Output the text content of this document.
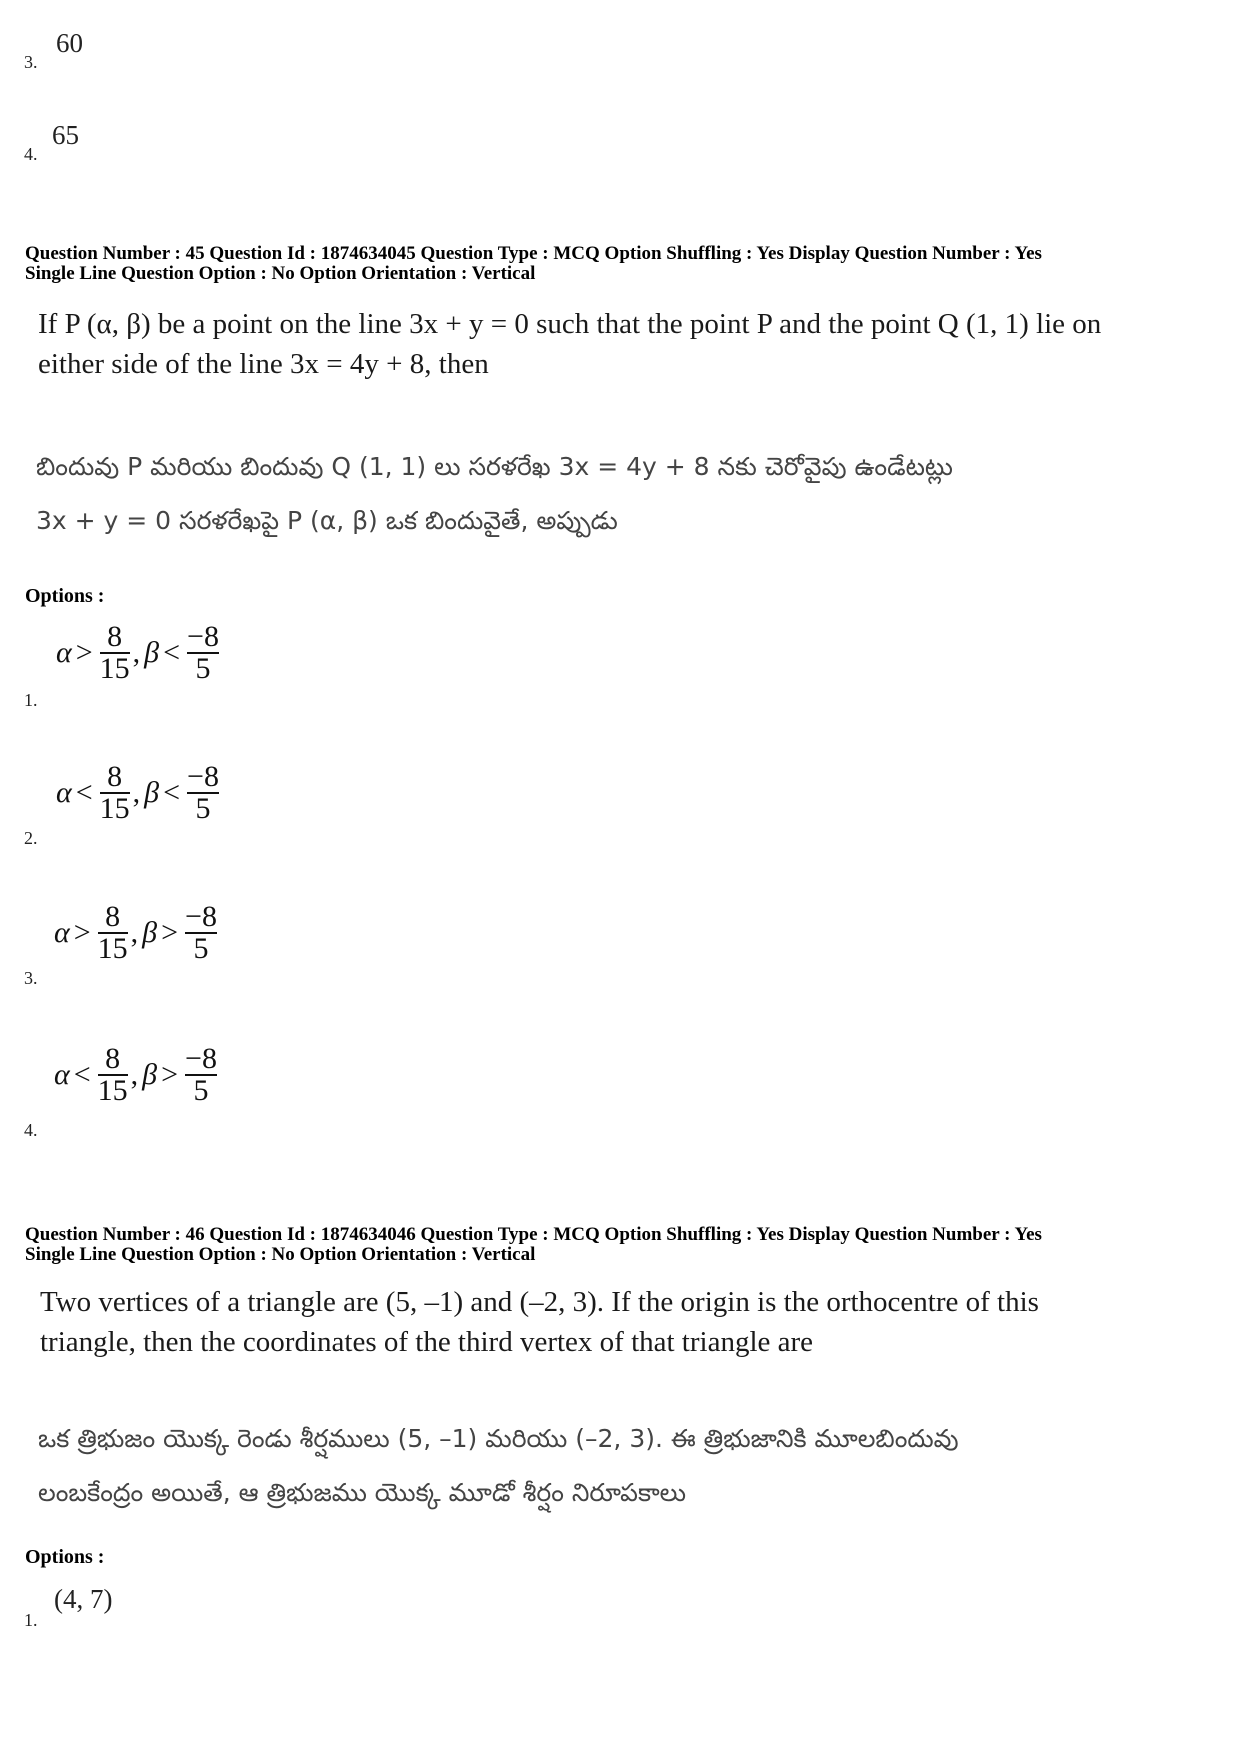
3.
60
4.
65
Question Number : 45 Question Id : 1874634045 Question Type : MCQ Option Shuffling : Yes Display Question Number : Yes
Single Line Question Option : No Option Orientation : Vertical
If P (α, β) be a point on the line 3x + y = 0 such that the point P and the point Q (1, 1) lie on
either side of the line 3x = 4y + 8, then
బిందువు P మరియు బిందువు Q (1, 1) లు సరళరేఖ 3x = 4y + 8 నకు చెరోవైపు ఉండేటట్లు
3x + y = 0 సరళరేఖపై P (α, β) ఒక బిందువైతే, అప్పుడు
Options :
1.
$\alpha > \frac{8}{15}$ , $\beta < \frac{-8}{5}$
2.
$\alpha < \frac{8}{15}$ , $\beta < \frac{-8}{5}$
3.
$\alpha > \frac{8}{15}$ , $\beta > \frac{-8}{5}$
4.
$\alpha < \frac{8}{15}$ , $\beta > \frac{-8}{5}$
Question Number : 46 Question Id : 1874634046 Question Type : MCQ Option Shuffling : Yes Display Question Number : Yes
Single Line Question Option : No Option Orientation : Vertical
Two vertices of a triangle are (5, –1) and (–2, 3). If the origin is the orthocentre of this
triangle, then the coordinates of the third vertex of that triangle are
ఒక త్రిభుజం యొక్క రెండు శీర్షములు (5, –1) మరియు (–2, 3). ఈ త్రిభుజానికి మూలబిందువు
లంబకేంద్రం అయితే, ఆ త్రిభుజము యొక్క మూడో శీర్షం నిరూపకాలు
Options :
1.
(4, 7)
